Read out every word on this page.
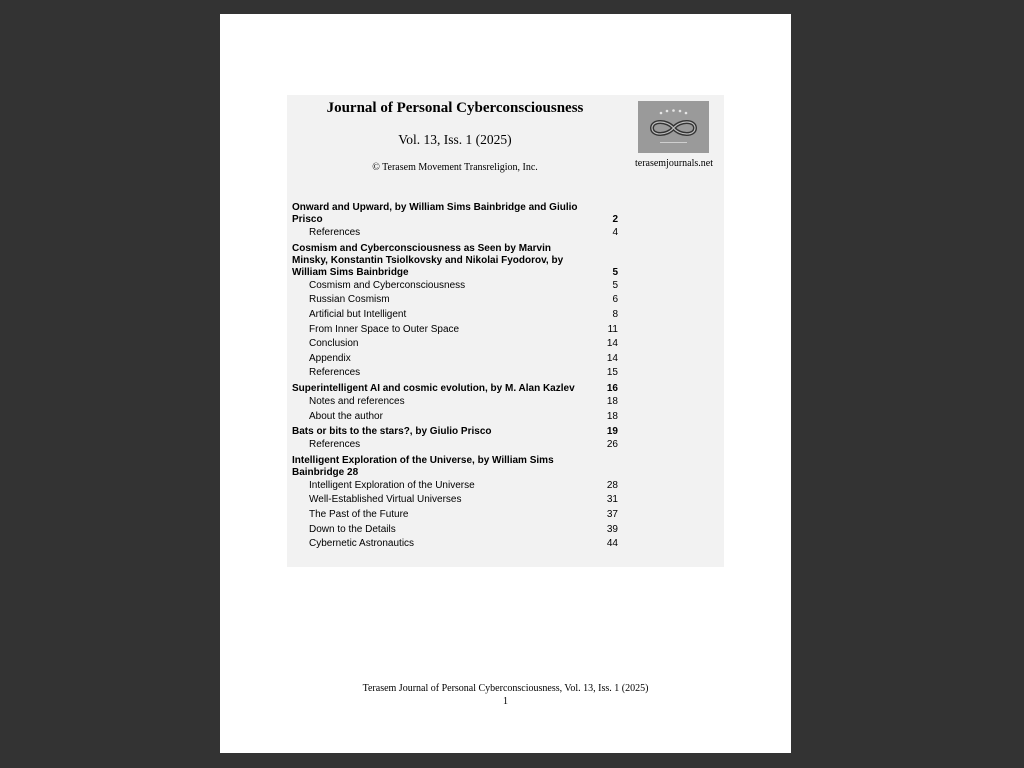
Journal of Personal Cyberconsciousness
Vol. 13, Iss. 1 (2025)
© Terasem Movement Transreligion, Inc.	terasemjournals.net
Onward and Upward, by William Sims Bainbridge and Giulio Prisco	2
References	4
Cosmism and Cyberconsciousness as Seen by Marvin Minsky, Konstantin Tsiolkovsky and Nikolai Fyodorov, by William Sims Bainbridge	5
Cosmism and Cyberconsciousness	5
Russian Cosmism	6
Artificial but Intelligent	8
From Inner Space to Outer Space	11
Conclusion	14
Appendix	14
References	15
Superintelligent AI and cosmic evolution, by M. Alan Kazlev	16
Notes and references	18
About the author	18
Bats or bits to the stars?, by Giulio Prisco	19
References	26
Intelligent Exploration of the Universe, by William Sims Bainbridge 28
Intelligent Exploration of the Universe	28
Well-Established Virtual Universes	31
The Past of the Future	37
Down to the Details	39
Cybernetic Astronautics	44
Terasem Journal of Personal Cyberconsciousness, Vol. 13, Iss. 1 (2025)
1
